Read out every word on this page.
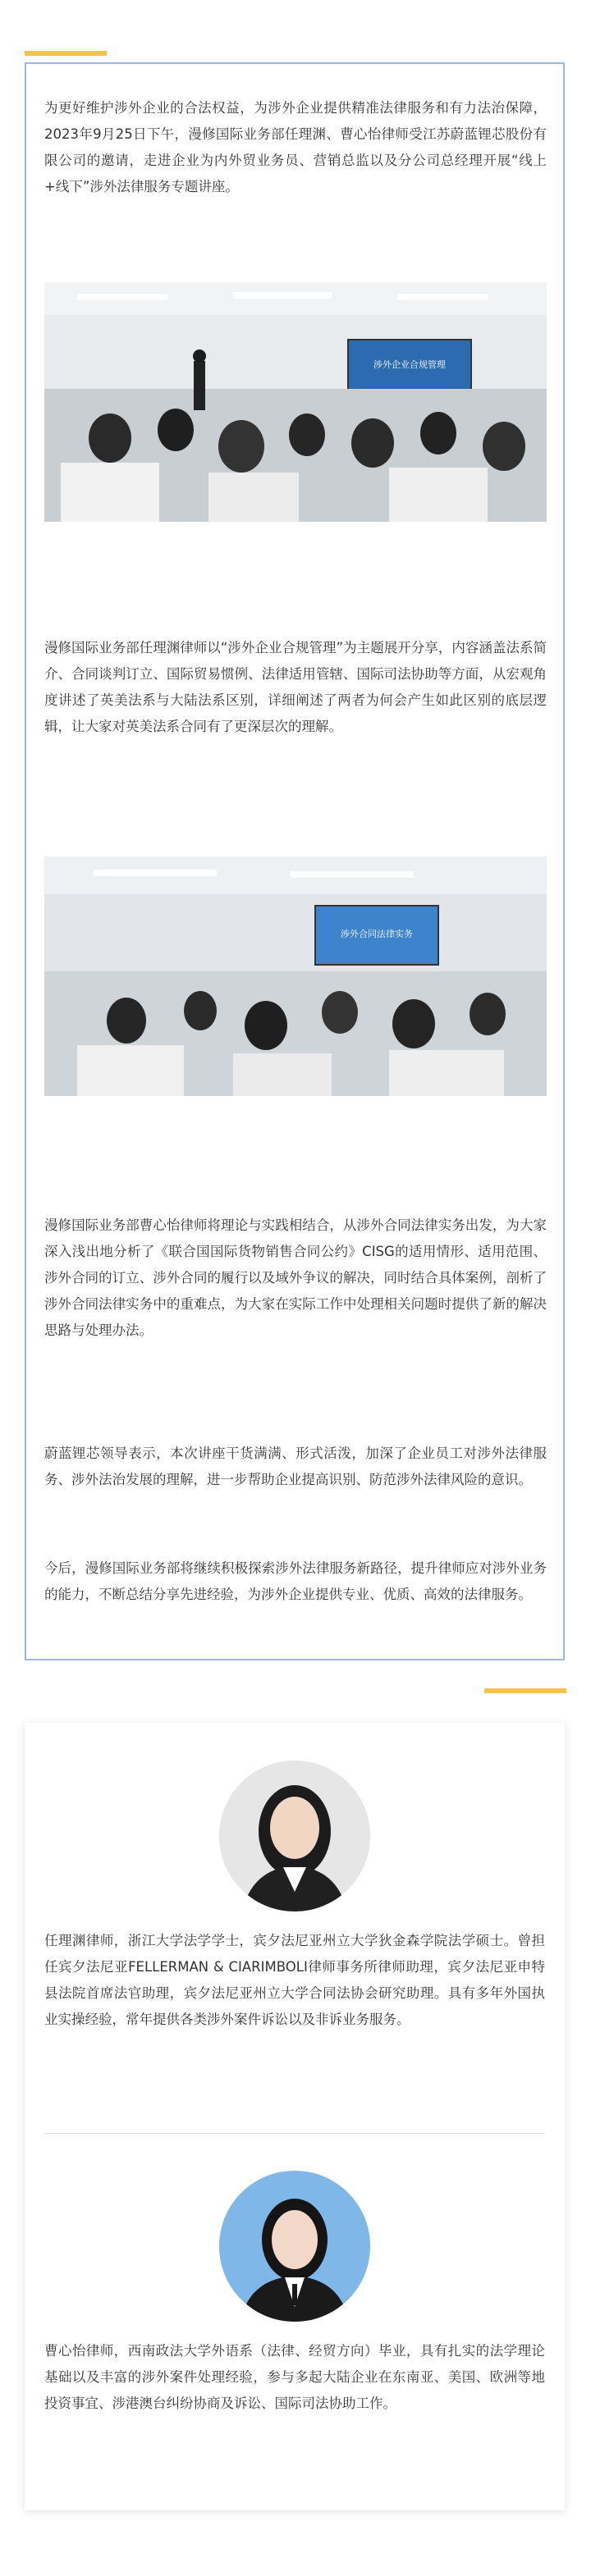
为更好维护涉外企业的合法权益，为涉外企业提供精准法律服务和有力法治保障，2023年9月25日下午，漫修国际业务部任理渊、曹心怡律师受江苏蔚蓝锂芯股份有限公司的邀请，走进企业为内外贸业务员、营销总监以及分公司总经理开展“线上+线下”涉外法律服务专题讲座。

涉外企业合规管理

漫修国际业务部任理渊律师以“涉外企业合规管理”为主题展开分享，内容涵盖法系简介、合同谈判订立、国际贸易惯例、法律适用管辖、国际司法协助等方面，从宏观角度讲述了英美法系与大陆法系区别，详细阐述了两者为何会产生如此区别的底层逻辑，让大家对英美法系合同有了更深层次的理解。

涉外合同法律实务

漫修国际业务部曹心怡律师将理论与实践相结合，从涉外合同法律实务出发，为大家深入浅出地分析了《联合国国际货物销售合同公约》CISG的适用情形、适用范围、涉外合同的订立、涉外合同的履行以及域外争议的解决，同时结合具体案例，剖析了涉外合同法律实务中的重难点，为大家在实际工作中处理相关问题时提供了新的解决思路与处理办法。

蔚蓝锂芯领导表示，本次讲座干货满满、形式活泼，加深了企业员工对涉外法律服务、涉外法治发展的理解，进一步帮助企业提高识别、防范涉外法律风险的意识。

今后，漫修国际业务部将继续积极探索涉外法律服务新路径，提升律师应对涉外业务的能力，不断总结分享先进经验，为涉外企业提供专业、优质、高效的法律服务。

任理渊律师，浙江大学法学学士，宾夕法尼亚州立大学狄金森学院法学硕士。曾担任宾夕法尼亚FELLERMAN & CIARIMBOLI律师事务所律师助理，宾夕法尼亚申特县法院首席法官助理，宾夕法尼亚州立大学合同法协会研究助理。具有多年外国执业实操经验，常年提供各类涉外案件诉讼以及非诉业务服务。

曹心怡律师，西南政法大学外语系（法律、经贸方向）毕业，具有扎实的法学理论基础以及丰富的涉外案件处理经验，参与多起大陆企业在东南亚、美国、欧洲等地投资事宜、涉港澳台纠纷协商及诉讼、国际司法协助工作。
